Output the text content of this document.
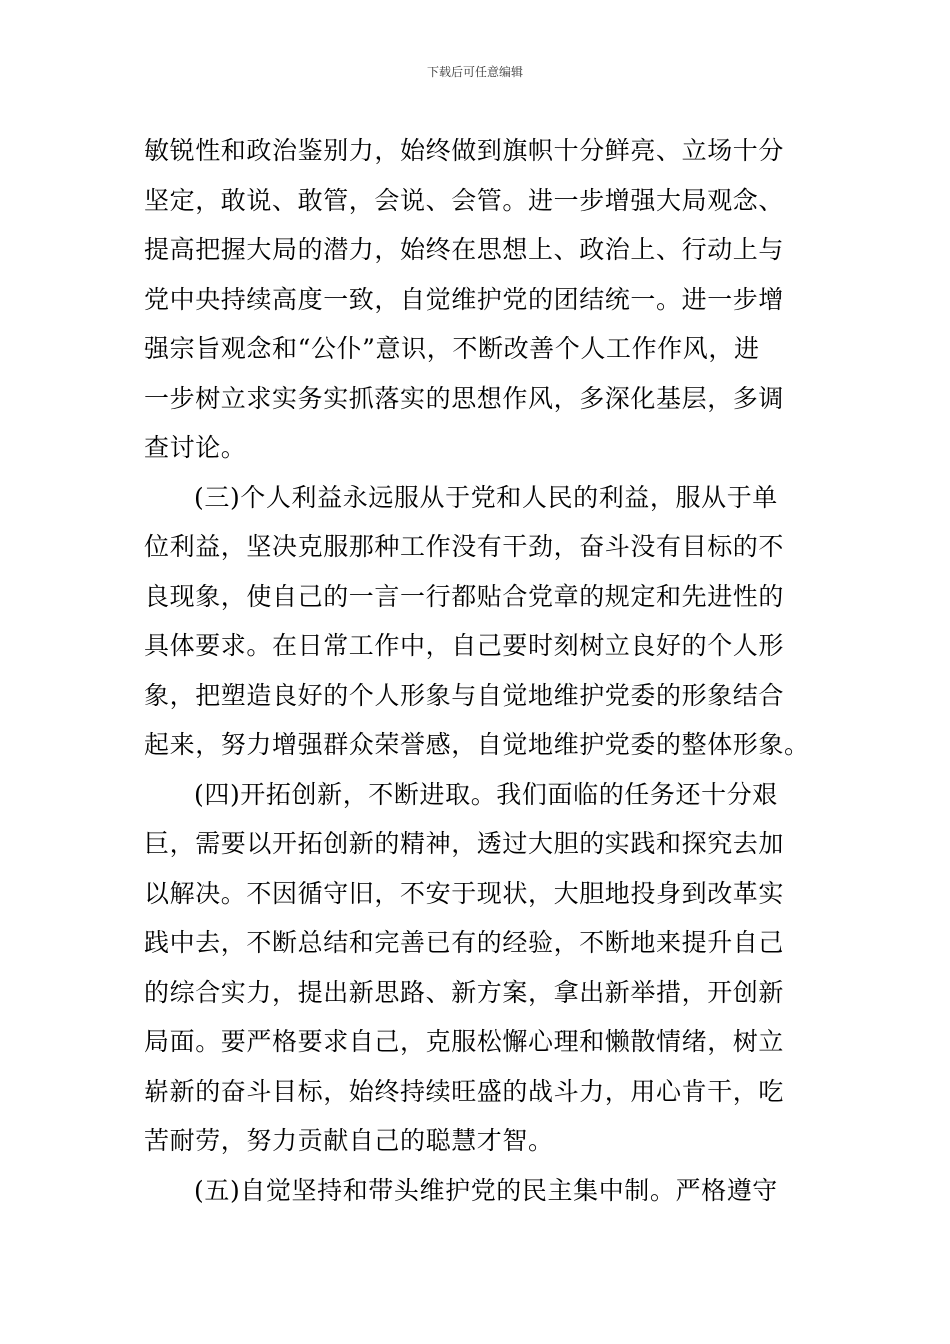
下载后可任意编辑
敏锐性和政治鉴别力，始终做到旗帜十分鲜亮、立场十分
坚定，敢说、敢管，会说、会管。进一步增强大局观念、
提高把握大局的潜力，始终在思想上、政治上、行动上与
党中央持续高度一致，自觉维护党的团结统一。进一步增
强宗旨观念和“公仆”意识，不断改善个人工作作风，进
一步树立求实务实抓落实的思想作风，多深化基层，多调
查讨论。
(三)个人利益永远服从于党和人民的利益，服从于单
位利益，坚决克服那种工作没有干劲，奋斗没有目标的不
良现象，使自己的一言一行都贴合党章的规定和先进性的
具体要求。在日常工作中，自己要时刻树立良好的个人形
象，把塑造良好的个人形象与自觉地维护党委的形象结合
起来，努力增强群众荣誉感，自觉地维护党委的整体形象。
(四)开拓创新，不断进取。我们面临的任务还十分艰
巨，需要以开拓创新的精神，透过大胆的实践和探究去加
以解决。不因循守旧，不安于现状，大胆地投身到改革实
践中去，不断总结和完善已有的经验，不断地来提升自己
的综合实力，提出新思路、新方案，拿出新举措，开创新
局面。要严格要求自己，克服松懈心理和懒散情绪，树立
崭新的奋斗目标，始终持续旺盛的战斗力，用心肯干，吃
苦耐劳，努力贡献自己的聪慧才智。
(五)自觉坚持和带头维护党的民主集中制。严格遵守
